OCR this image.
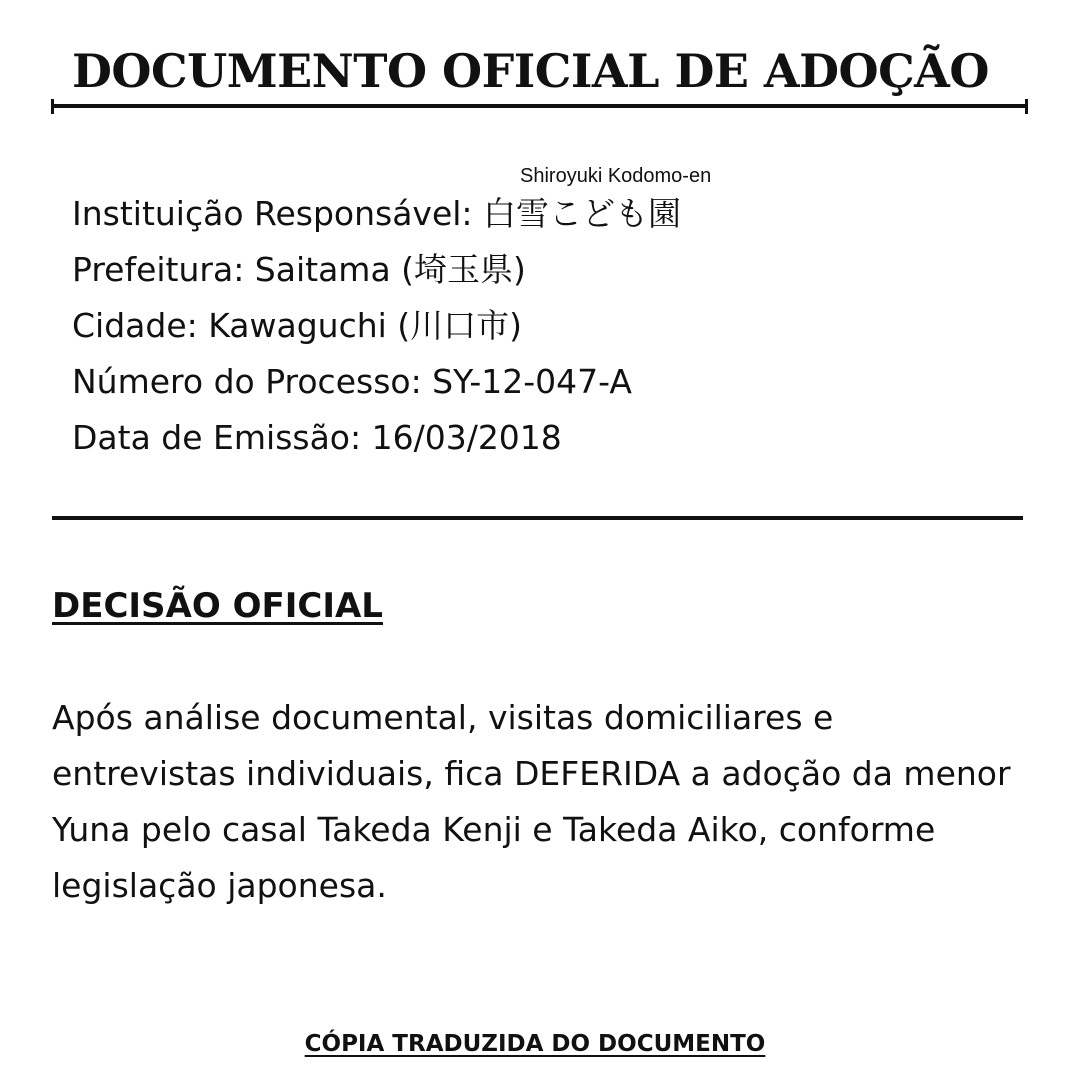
DOCUMENTO OFICIAL DE ADOÇÃO
Shiroyuki Kodomo-en
Instituição Responsável: 白雪こども園
Prefeitura: Saitama (埼玉県)
Cidade: Kawaguchi (川口市)
Número do Processo: SY-12-047-A
Data de Emissão: 16/03/2018
DECISÃO OFICIAL

Após análise documental, visitas domiciliares e entrevistas individuais, fica DEFERIDA a adoção da menor Yuna pelo casal Takeda Kenji e Takeda Aiko, conforme legislação japonesa.

CÓPIA TRADUZIDA DO DOCUMENTO
